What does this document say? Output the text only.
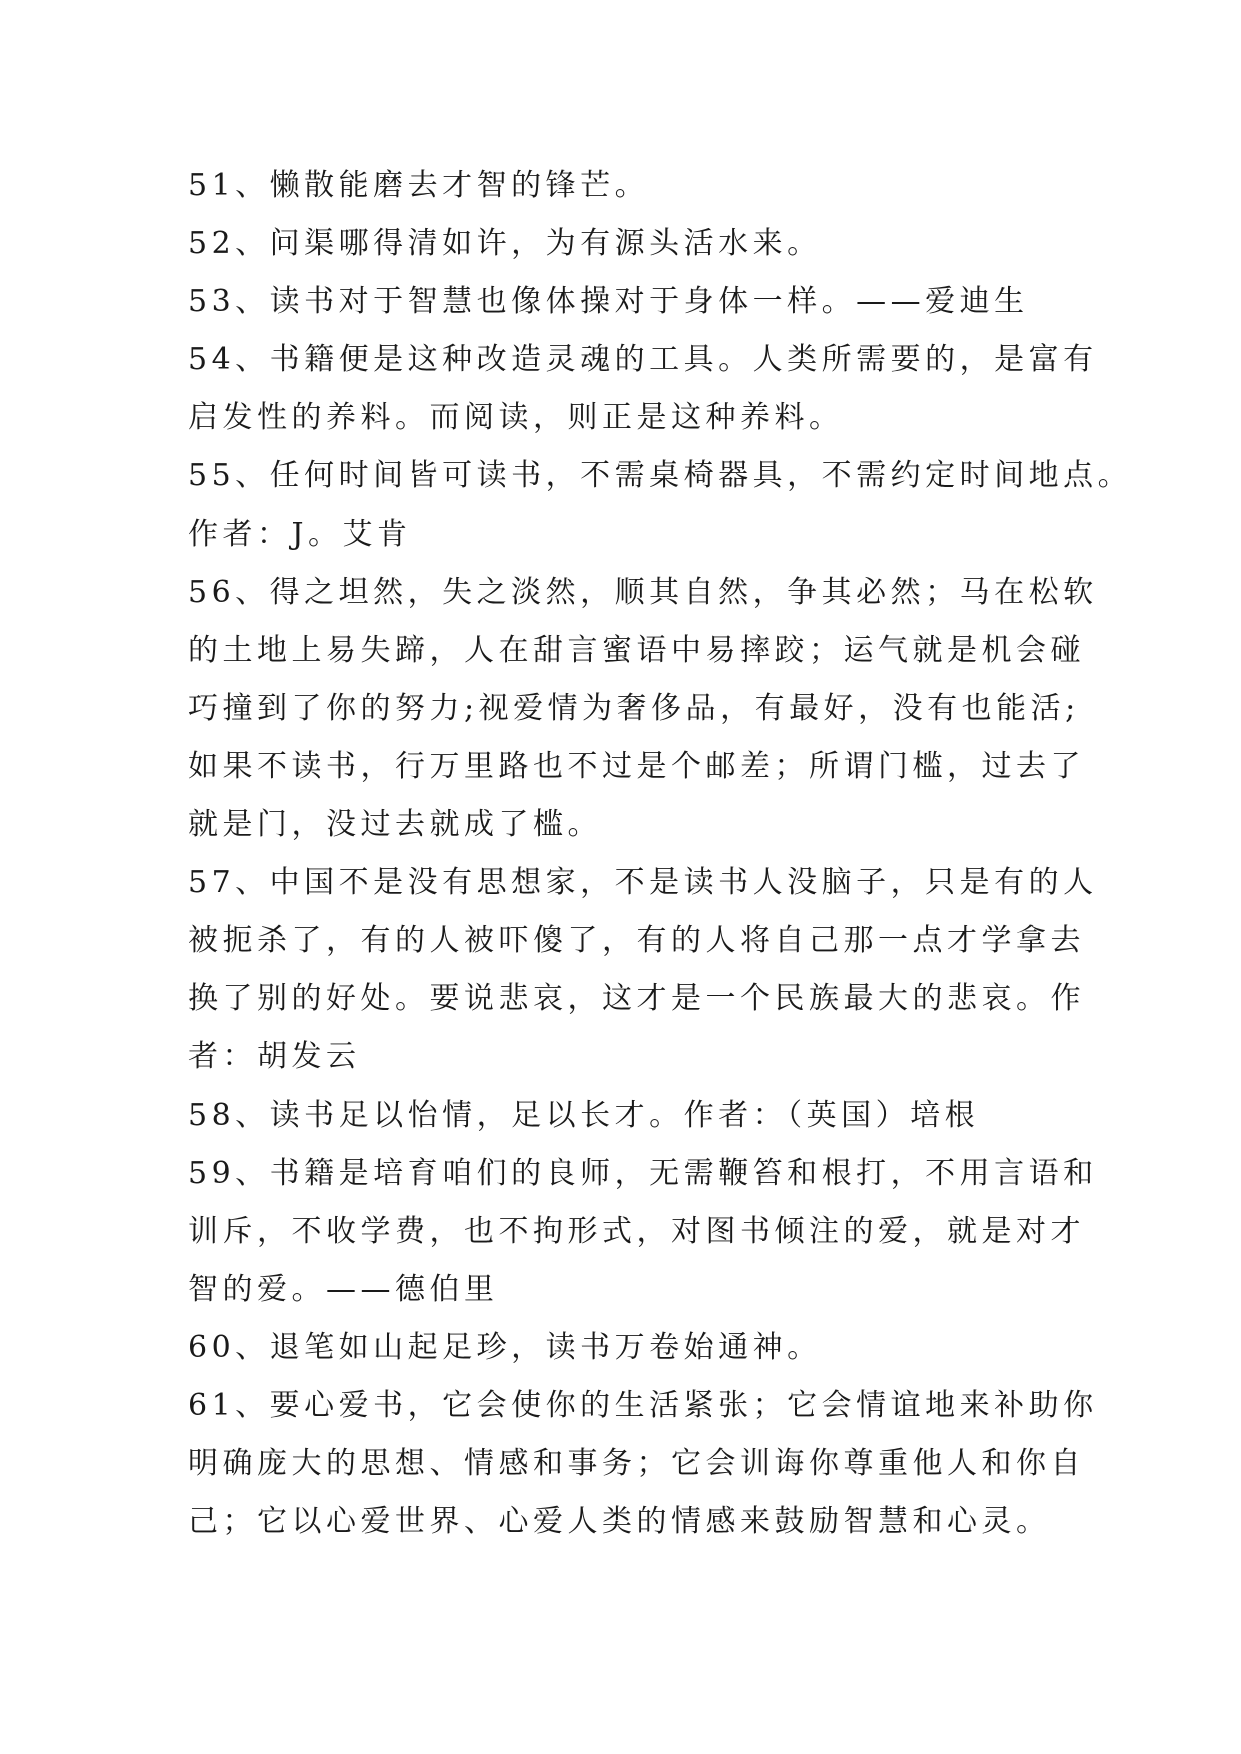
51、懒散能磨去才智的锋芒。
52、问渠哪得清如许，为有源头活水来。
53、读书对于智慧也像体操对于身体一样。——爱迪生
54、书籍便是这种改造灵魂的工具。人类所需要的，是富有
启发性的养料。而阅读，则正是这种养料。
55、任何时间皆可读书，不需桌椅器具，不需约定时间地点。
作者：J。艾肯
56、得之坦然，失之淡然，顺其自然，争其必然；马在松软
的土地上易失蹄，人在甜言蜜语中易摔跤；运气就是机会碰
巧撞到了你的努力;视爱情为奢侈品，有最好，没有也能活;
如果不读书，行万里路也不过是个邮差；所谓门槛，过去了
就是门，没过去就成了槛。
57、中国不是没有思想家，不是读书人没脑子，只是有的人
被扼杀了，有的人被吓傻了，有的人将自己那一点才学拿去
换了别的好处。要说悲哀，这才是一个民族最大的悲哀。作
者：胡发云
58、读书足以怡情，足以长才。作者：（英国）培根
59、书籍是培育咱们的良师，无需鞭笞和根打，不用言语和
训斥，不收学费，也不拘形式，对图书倾注的爱，就是对才
智的爱。——德伯里
60、退笔如山起足珍，读书万卷始通神。
61、要心爱书，它会使你的生活紧张；它会情谊地来补助你
明确庞大的思想、情感和事务；它会训诲你尊重他人和你自
己；它以心爱世界、心爱人类的情感来鼓励智慧和心灵。
